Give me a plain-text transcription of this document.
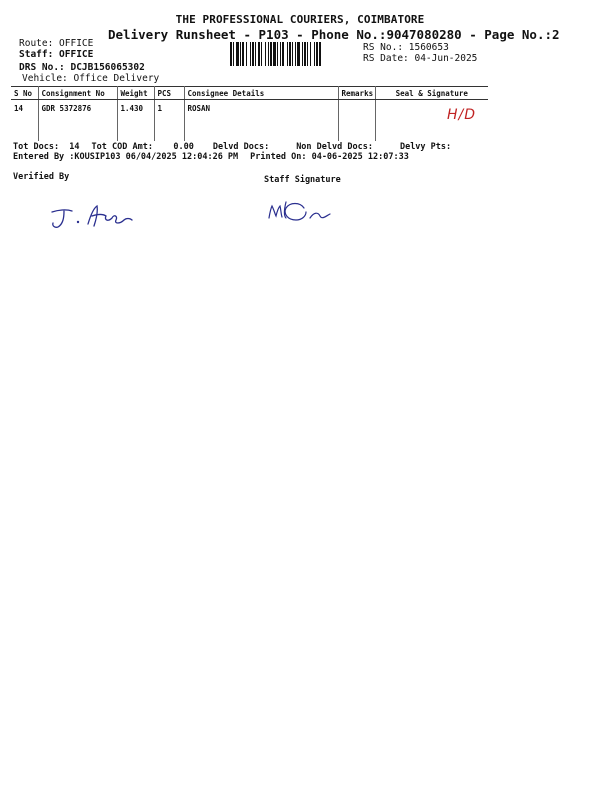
THE PROFESSIONAL COURIERS, COIMBATORE
Delivery Runsheet - P103 - Phone No.:9047080280 - Page No.:2
Route: OFFICE
Staff: OFFICE
DRS No.: DCJB156065302
Vehicle: Office Delivery
RS No.: 1560653
RS Date: 04-Jun-2025
S No	Consignment No	Weight	PCS	Consignee Details	Remarks	Seal & Signature
14	GDR 5372876	1.430	1	ROSAN			H/D
Tot Docs:  14 Tot COD Amt:    0.00 Delvd Docs:	Non Delvd Docs:	Delvy Pts:
Entered By :KOUSIP103 06/04/2025 12:04:26 PM Printed On: 04-06-2025 12:07:33
Verified By	Staff Signature
